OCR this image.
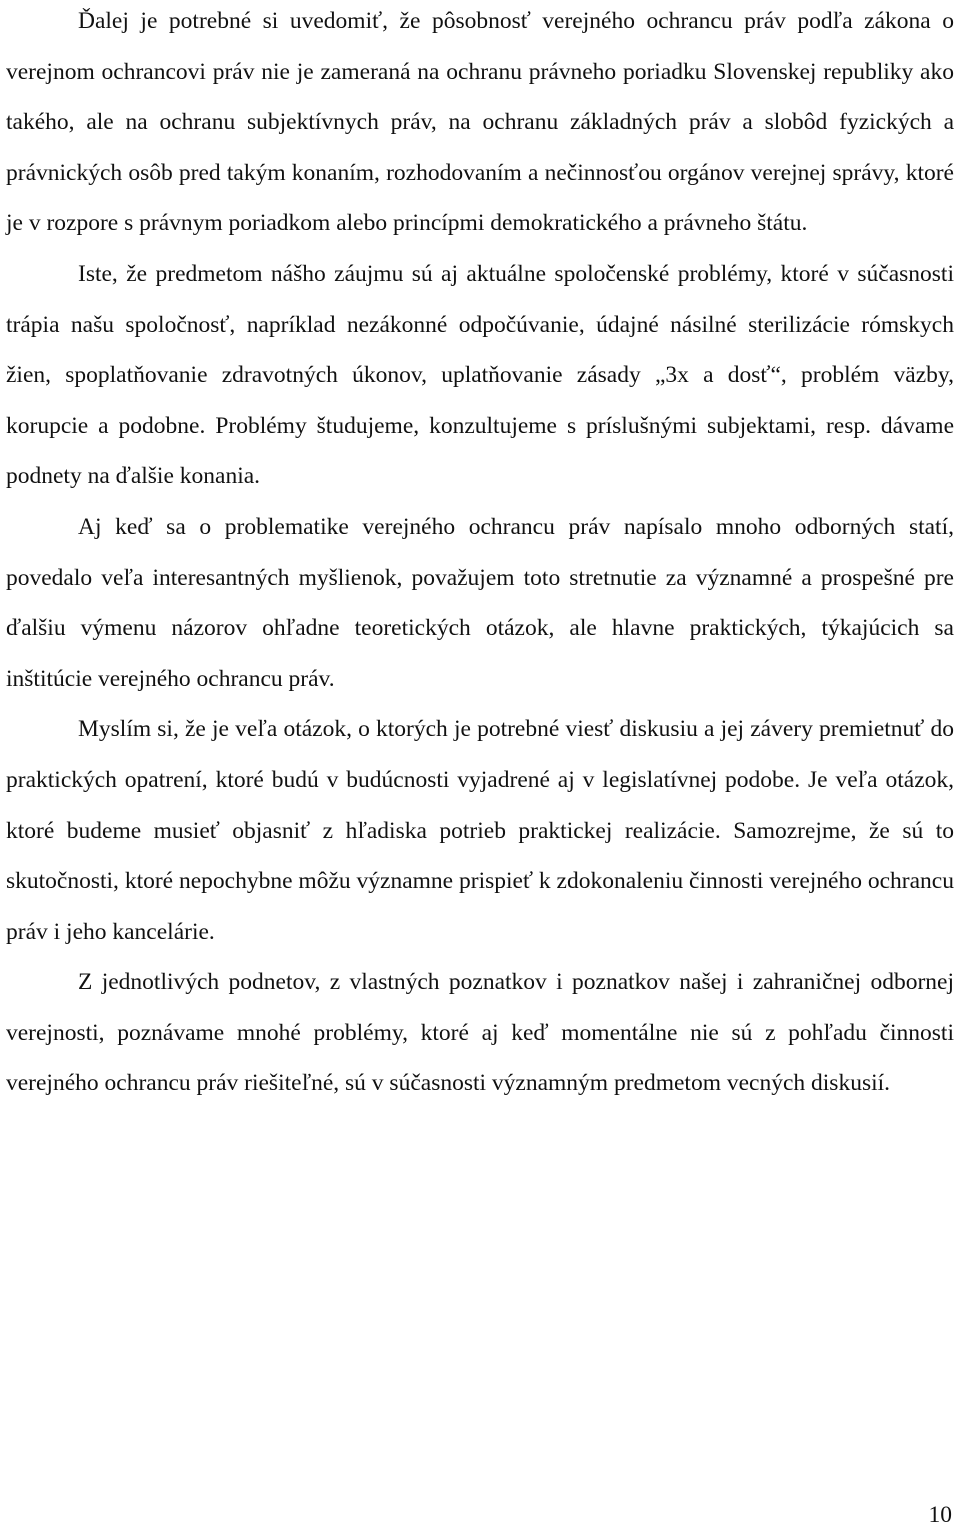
Ďalej je potrebné si uvedomiť, že pôsobnosť verejného ochrancu práv podľa zákona o verejnom ochrancovi práv nie je zameraná na ochranu právneho poriadku Slovenskej republiky ako takého, ale na ochranu subjektívnych práv, na ochranu základných práv a slobôd fyzických a právnických osôb pred takým konaním, rozhodovaním a nečinnosťou orgánov verejnej správy, ktoré je v rozpore s právnym poriadkom alebo princípmi demokratického a právneho štátu.

Iste, že predmetom nášho záujmu sú aj aktuálne spoločenské problémy, ktoré v súčasnosti trápia našu spoločnosť, napríklad nezákonné odpočúvanie, údajné násilné sterilizácie rómskych žien, spoplatňovanie zdravotných úkonov, uplatňovanie zásady „3x a dosť“, problém väzby, korupcie a podobne. Problémy študujeme, konzultujeme s príslušnými subjektami, resp. dávame podnety na ďalšie konania.

Aj keď sa o problematike verejného ochrancu práv napísalo mnoho odborných statí, povedalo veľa interesantných myšlienok, považujem toto stretnutie za významné a prospešné pre ďalšiu výmenu názorov ohľadne teoretických otázok, ale hlavne praktických, týkajúcich sa inštitúcie verejného ochrancu práv.

Myslím si, že je veľa otázok, o ktorých je potrebné viesť diskusiu a jej závery premietnuť do praktických opatrení, ktoré budú v budúcnosti vyjadrené aj v legislatívnej podobe. Je veľa otázok, ktoré budeme musieť objasniť z hľadiska potrieb praktickej realizácie. Samozrejme, že sú to skutočnosti, ktoré nepochybne môžu významne prispieť k zdokonaleniu činnosti verejného ochrancu práv i jeho kancelárie.

Z jednotlivých podnetov, z vlastných poznatkov i poznatkov našej i zahraničnej odbornej verejnosti, poznávame mnohé problémy, ktoré aj keď momentálne nie sú z pohľadu činnosti verejného ochrancu práv riešiteľné, sú v súčasnosti významným predmetom vecných diskusií.

10
